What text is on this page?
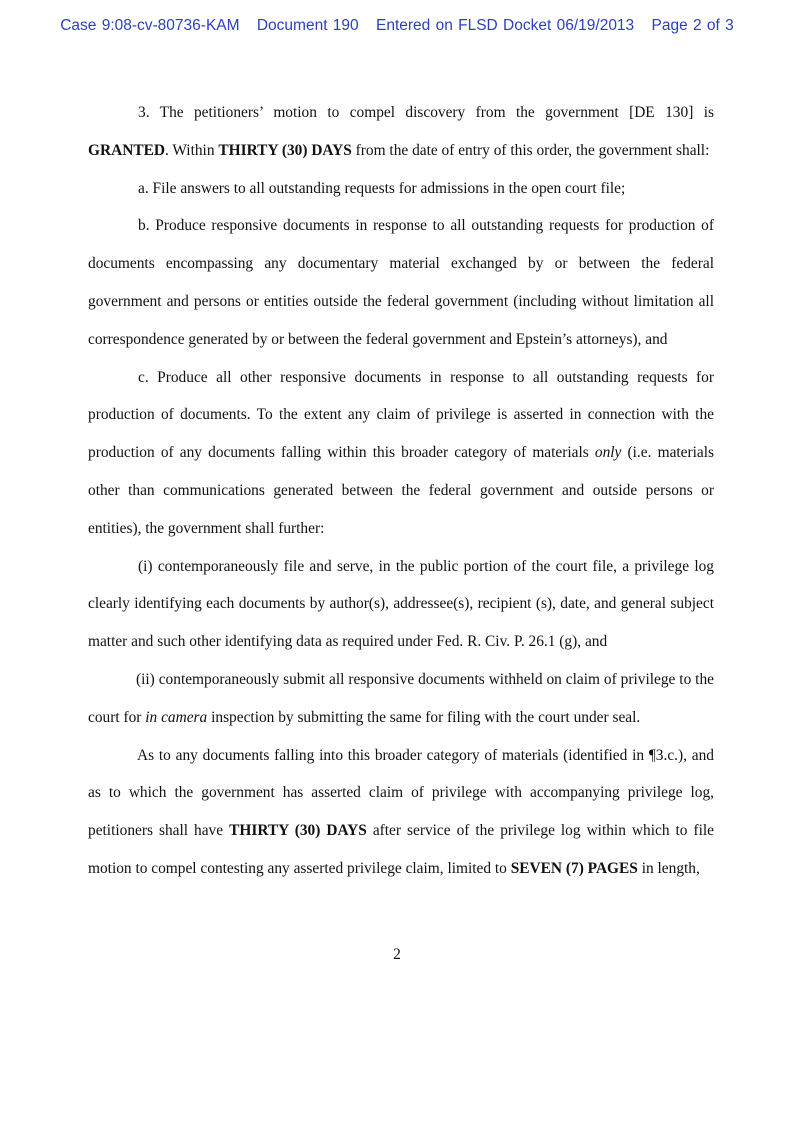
Case 9:08-cv-80736-KAM Document 190 Entered on FLSD Docket 06/19/2013 Page 2 of 3

3. The petitioners’ motion to compel discovery from the government [DE 130] is GRANTED. Within THIRTY (30) DAYS from the date of entry of this order, the government shall:

a. File answers to all outstanding requests for admissions in the open court file;

b. Produce responsive documents in response to all outstanding requests for production of documents encompassing any documentary material exchanged by or between the federal government and persons or entities outside the federal government (including without limitation all correspondence generated by or between the federal government and Epstein’s attorneys), and

c. Produce all other responsive documents in response to all outstanding requests for production of documents. To the extent any claim of privilege is asserted in connection with the production of any documents falling within this broader category of materials only (i.e. materials other than communications generated between the federal government and outside persons or entities), the government shall further:

(i) contemporaneously file and serve, in the public portion of the court file, a privilege log clearly identifying each documents by author(s), addressee(s), recipient (s), date, and general subject matter and such other identifying data as required under Fed. R. Civ. P. 26.1 (g), and

(ii) contemporaneously submit all responsive documents withheld on claim of privilege to the court for in camera inspection by submitting the same for filing with the court under seal.

As to any documents falling into this broader category of materials (identified in ¶3.c.), and as to which the government has asserted claim of privilege with accompanying privilege log, petitioners shall have THIRTY (30) DAYS after service of the privilege log within which to file motion to compel contesting any asserted privilege claim, limited to SEVEN (7) PAGES in length,

2
